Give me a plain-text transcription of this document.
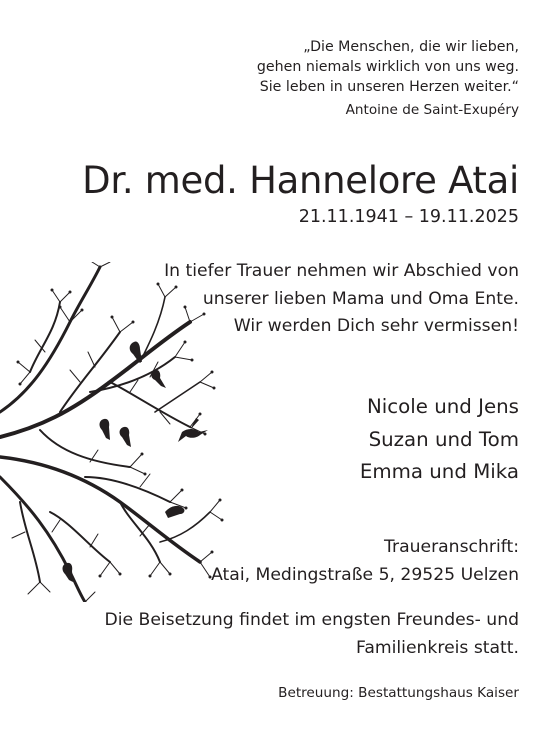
„Die Menschen, die wir lieben,
gehen niemals wirklich von uns weg.
Sie leben in unseren Herzen weiter.“
Antoine de Saint-Exupéry
Dr. med. Hannelore Atai
21.11.1941 – 19.11.2025
In tiefer Trauer nehmen wir Abschied von
unserer lieben Mama und Oma Ente.
Wir werden Dich sehr vermissen!
Nicole und Jens
Suzan und Tom
Emma und Mika
Traueranschrift:
Atai, Medingstraße 5, 29525 Uelzen
Die Beisetzung findet im engsten Freundes- und
Familienkreis statt.
Betreuung: Bestattungshaus Kaiser
